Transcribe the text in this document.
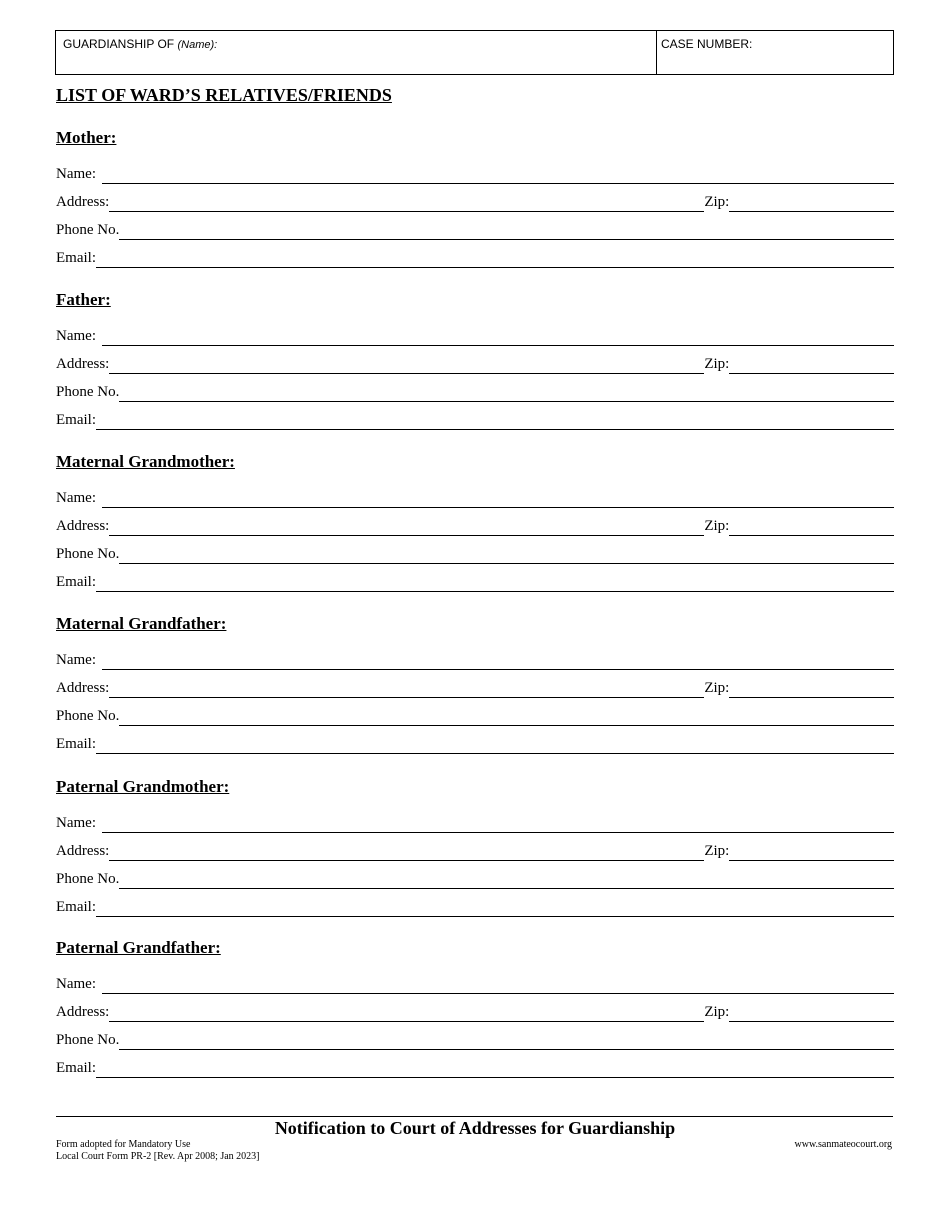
GUARDIANSHIP OF (Name):	CASE NUMBER:
LIST OF WARD’S RELATIVES/FRIENDS
Mother:
Name:
Address:	Zip:
Phone No.
Email:
Father:
Name:
Address:	Zip:
Phone No.
Email:
Maternal Grandmother:
Name:
Address:	Zip:
Phone No.
Email:
Maternal Grandfather:
Name:
Address:	Zip:
Phone No.
Email:
Paternal Grandmother:
Name:
Address:	Zip:
Phone No.
Email:
Paternal Grandfather:
Name:
Address:	Zip:
Phone No.
Email:
Notification to Court of Addresses for Guardianship
Form adopted for Mandatory Use
Local Court Form PR-2 [Rev. Apr 2008; Jan 2023]
www.sanmateocourt.org
